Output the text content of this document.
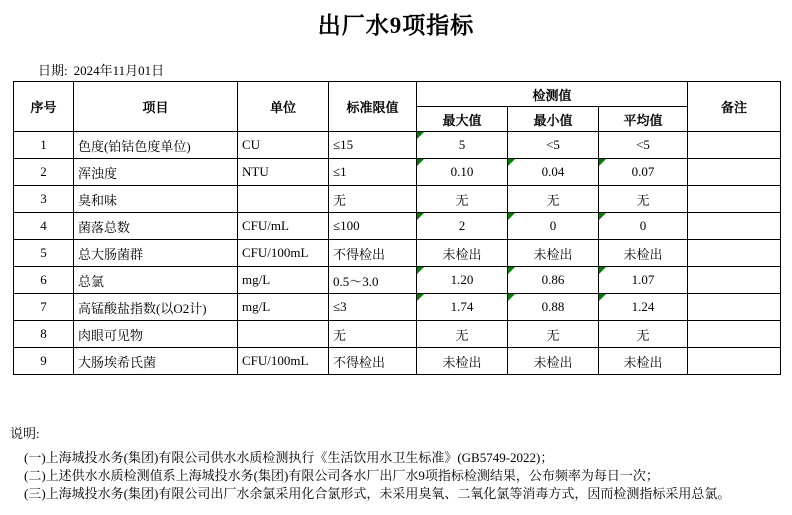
出厂水9项指标
日期: 2024年11月01日
序号	项目	单位	标准限值	检测值			备注
				最大值	最小值	平均值	
1	色度(铂钴色度单位)	CU	≤15	5	<5	<5	
2	浑浊度	NTU	≤1	0.10	0.04	0.07	
3	臭和味		无	无	无	无	
4	菌落总数	CFU/mL	≤100	2	0	0	
5	总大肠菌群	CFU/100mL	不得检出	未检出	未检出	未检出	
6	总氯	mg/L	0.5～3.0	1.20	0.86	1.07	
7	高锰酸盐指数(以O2计)	mg/L	≤3	1.74	0.88	1.24	
8	肉眼可见物		无	无	无	无	
9	大肠埃希氏菌	CFU/100mL	不得检出	未检出	未检出	未检出	
说明:
(一)上海城投水务(集团)有限公司供水水质检测执行《生活饮用水卫生标准》(GB5749-2022)；
(二)上述供水水质检测值系上海城投水务(集团)有限公司各水厂出厂水9项指标检测结果，公布频率为每日一次；
(三)上海城投水务(集团)有限公司出厂水余氯采用化合氯形式，未采用臭氧、二氧化氯等消毒方式，因而检测指标采用总氯。
